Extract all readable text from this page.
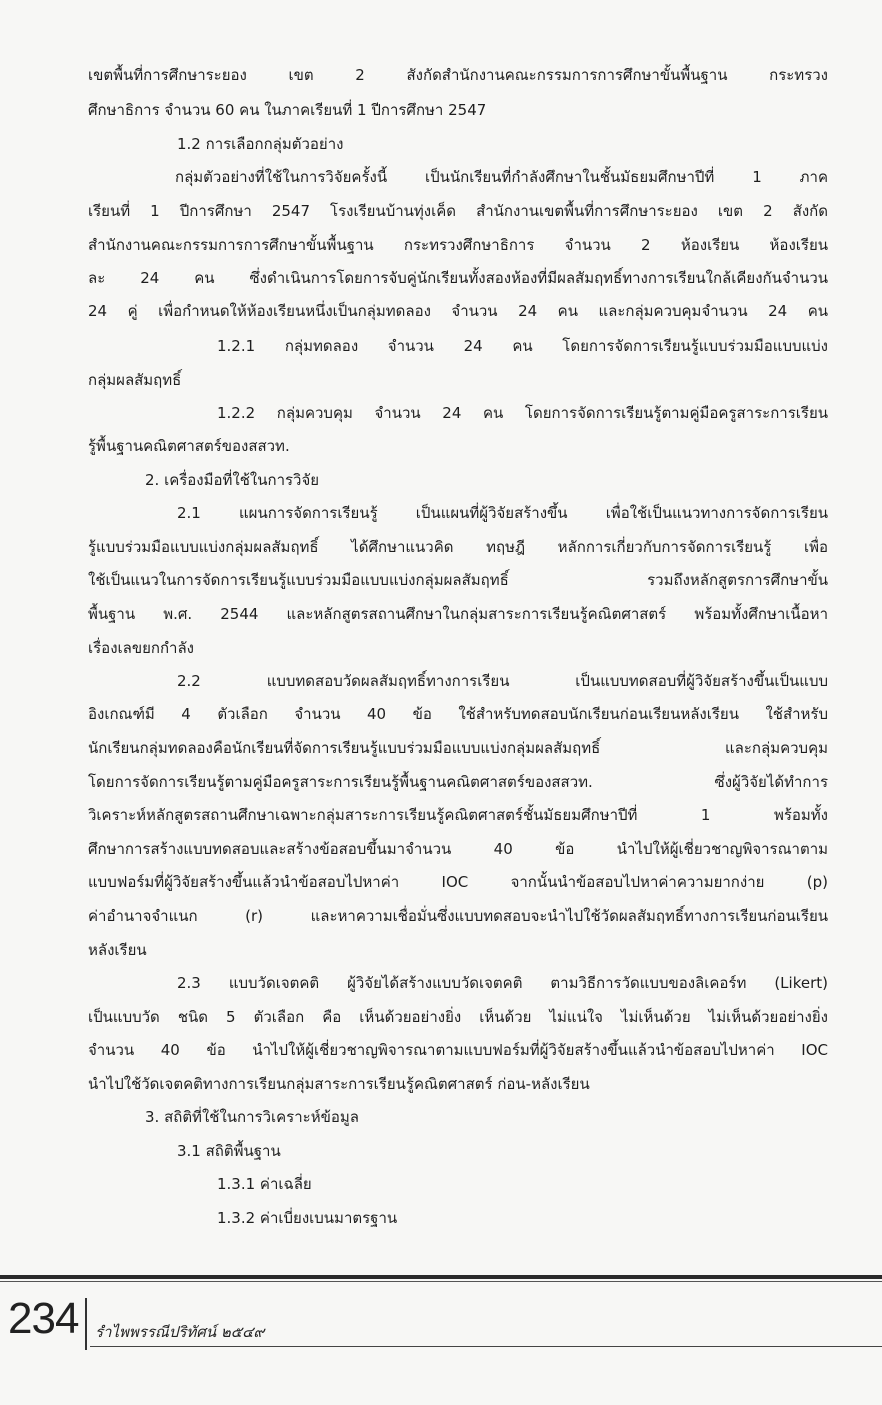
เขตพื้นที่การศึกษาระยอง เขต 2 สังกัดสำนักงานคณะกรรมการการศึกษาขั้นพื้นฐาน กระทรวง
ศึกษาธิการ จำนวน 60 คน ในภาคเรียนที่ 1 ปีการศึกษา 2547
1.2 การเลือกกลุ่มตัวอย่าง
กลุ่มตัวอย่างที่ใช้ในการวิจัยครั้งนี้ เป็นนักเรียนที่กำลังศึกษาในชั้นมัธยมศึกษาปีที่ 1 ภาค
เรียนที่ 1 ปีการศึกษา 2547 โรงเรียนบ้านทุ่งเค็ด สำนักงานเขตพื้นที่การศึกษาระยอง เขต 2 สังกัด
สำนักงานคณะกรรมการการศึกษาขั้นพื้นฐาน กระทรวงศึกษาธิการ จำนวน 2 ห้องเรียน ห้องเรียน
ละ 24 คน ซึ่งดำเนินการโดยการจับคู่นักเรียนทั้งสองห้องที่มีผลสัมฤทธิ์ทางการเรียนใกล้เคียงกันจำนวน
24 คู่ เพื่อกำหนดให้ห้องเรียนหนึ่งเป็นกลุ่มทดลอง จำนวน 24 คน และกลุ่มควบคุมจำนวน 24 คน
1.2.1 กลุ่มทดลอง จำนวน 24 คน โดยการจัดการเรียนรู้แบบร่วมมือแบบแบ่ง
กลุ่มผลสัมฤทธิ์
1.2.2 กลุ่มควบคุม จำนวน 24 คน โดยการจัดการเรียนรู้ตามคู่มือครูสาระการเรียน
รู้พื้นฐานคณิตศาสตร์ของสสวท.
2. เครื่องมือที่ใช้ในการวิจัย
2.1 แผนการจัดการเรียนรู้ เป็นแผนที่ผู้วิจัยสร้างขึ้น เพื่อใช้เป็นแนวทางการจัดการเรียน
รู้แบบร่วมมือแบบแบ่งกลุ่มผลสัมฤทธิ์ ได้ศึกษาแนวคิด ทฤษฎี หลักการเกี่ยวกับการจัดการเรียนรู้ เพื่อ
ใช้เป็นแนวในการจัดการเรียนรู้แบบร่วมมือแบบแบ่งกลุ่มผลสัมฤทธิ์ รวมถึงหลักสูตรการศึกษาขั้น
พื้นฐาน พ.ศ. 2544 และหลักสูตรสถานศึกษาในกลุ่มสาระการเรียนรู้คณิตศาสตร์ พร้อมทั้งศึกษาเนื้อหา
เรื่องเลขยกกำลัง
2.2 แบบทดสอบวัดผลสัมฤทธิ์ทางการเรียน เป็นแบบทดสอบที่ผู้วิจัยสร้างขึ้นเป็นแบบ
อิงเกณฑ์มี 4 ตัวเลือก จำนวน 40 ข้อ ใช้สำหรับทดสอบนักเรียนก่อนเรียนหลังเรียน ใช้สำหรับ
นักเรียนกลุ่มทดลองคือนักเรียนที่จัดการเรียนรู้แบบร่วมมือแบบแบ่งกลุ่มผลสัมฤทธิ์ และกลุ่มควบคุม
โดยการจัดการเรียนรู้ตามคู่มือครูสาระการเรียนรู้พื้นฐานคณิตศาสตร์ของสสวท. ซึ่งผู้วิจัยได้ทำการ
วิเคราะห์หลักสูตรสถานศึกษาเฉพาะกลุ่มสาระการเรียนรู้คณิตศาสตร์ชั้นมัธยมศึกษาปีที่ 1 พร้อมทั้ง
ศึกษาการสร้างแบบทดสอบและสร้างข้อสอบขึ้นมาจำนวน 40 ข้อ นำไปให้ผู้เชี่ยวชาญพิจารณาตาม
แบบฟอร์มที่ผู้วิจัยสร้างขึ้นแล้วนำข้อสอบไปหาค่า IOC จากนั้นนำข้อสอบไปหาค่าความยากง่าย (p)
ค่าอำนาจจำแนก (r) และหาความเชื่อมั่นซึ่งแบบทดสอบจะนำไปใช้วัดผลสัมฤทธิ์ทางการเรียนก่อนเรียน
หลังเรียน
2.3 แบบวัดเจตคติ ผู้วิจัยได้สร้างแบบวัดเจตคติ ตามวิธีการวัดแบบของลิเคอร์ท (Likert)
เป็นแบบวัด ชนิด 5 ตัวเลือก คือ เห็นด้วยอย่างยิ่ง เห็นด้วย ไม่แน่ใจ ไม่เห็นด้วย ไม่เห็นด้วยอย่างยิ่ง
จำนวน 40 ข้อ นำไปให้ผู้เชี่ยวชาญพิจารณาตามแบบฟอร์มที่ผู้วิจัยสร้างขึ้นแล้วนำข้อสอบไปหาค่า IOC
นำไปใช้วัดเจตคติทางการเรียนกลุ่มสาระการเรียนรู้คณิตศาสตร์ ก่อน-หลังเรียน
3. สถิติที่ใช้ในการวิเคราะห์ข้อมูล
3.1 สถิติพื้นฐาน
1.3.1 ค่าเฉลี่ย
1.3.2 ค่าเบี่ยงเบนมาตรฐาน
234 รำไพพรรณีปริทัศน์ ๒๕๔๙
